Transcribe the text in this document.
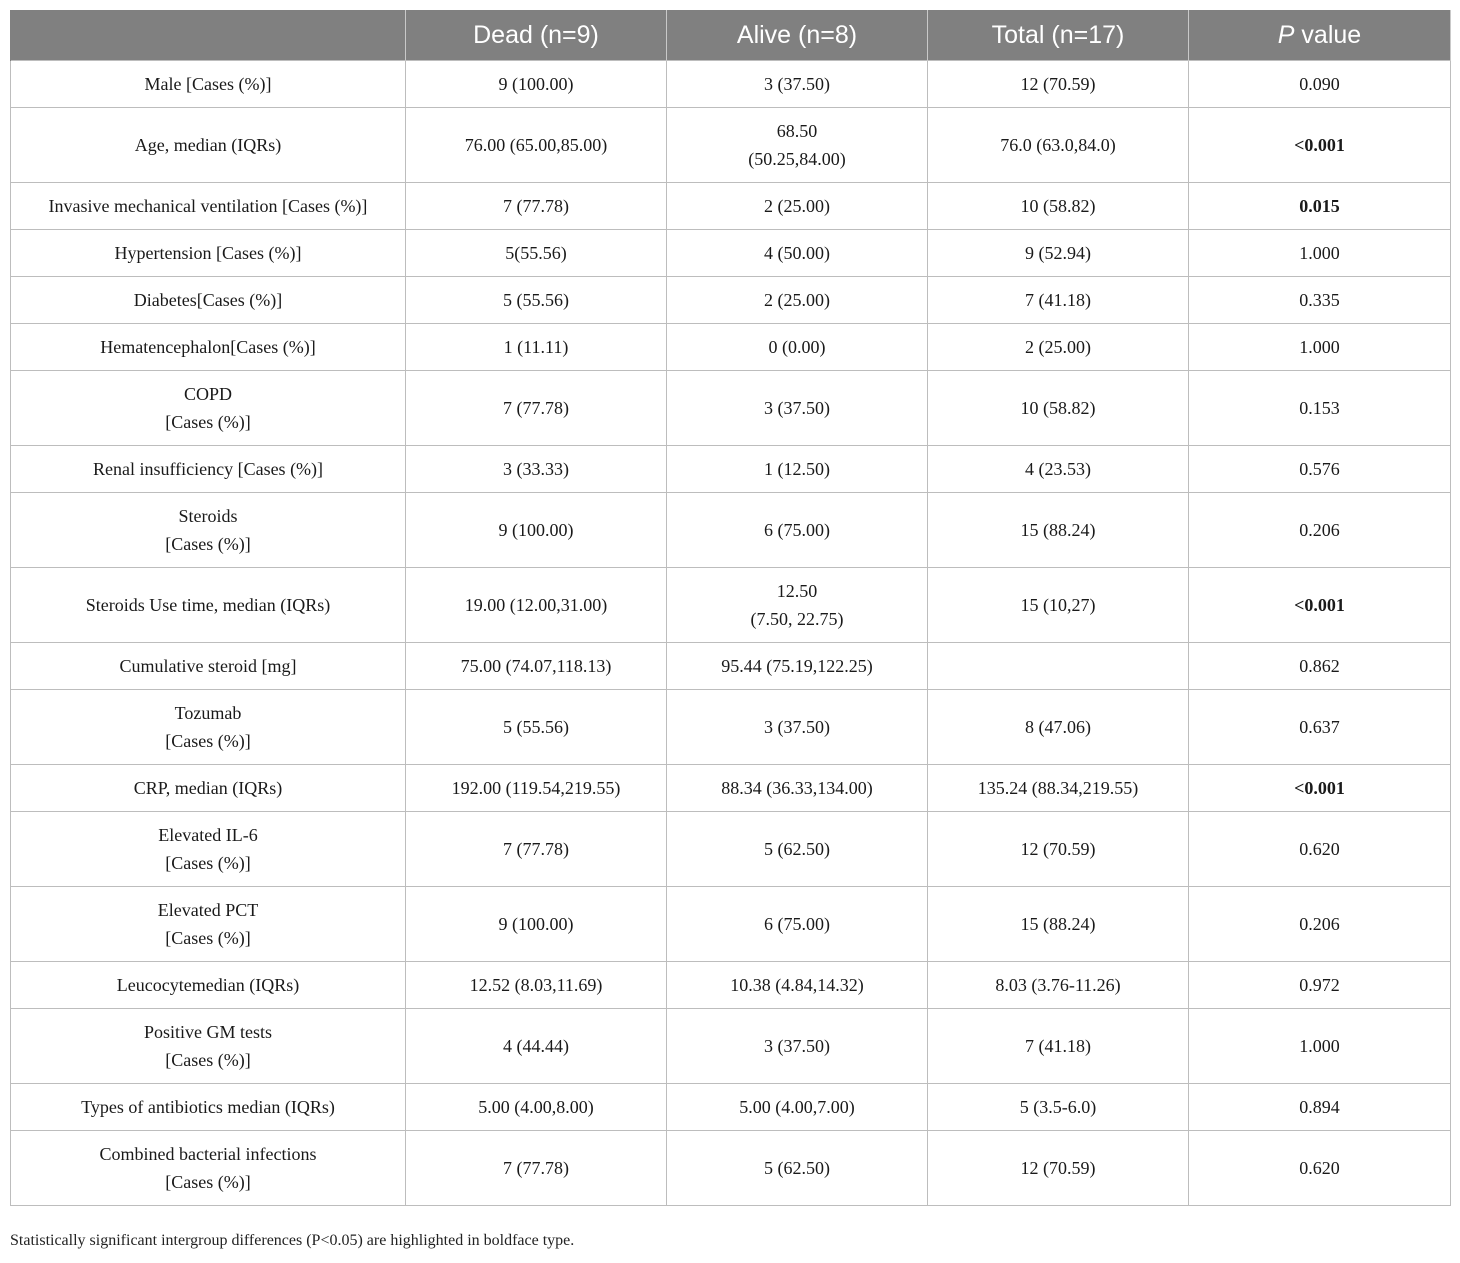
	Dead (n=9)	Alive (n=8)	Total (n=17)	P value

Male [Cases (%)]	9 (100.00)	3 (37.50)	12 (70.59)	0.090

Age, median (IQRs)	76.00 (65.00,85.00)	68.50
(50.25,84.00)	76.0 (63.0,84.0)	<0.001

Invasive mechanical ventilation [Cases (%)]	7 (77.78)	2 (25.00)	10 (58.82)	0.015

Hypertension [Cases (%)]	5(55.56)	4 (50.00)	9 (52.94)	1.000

Diabetes[Cases (%)]	5 (55.56)	2 (25.00)	7 (41.18)	0.335

Hematencephalon[Cases (%)]	1 (11.11)	0 (0.00)	2 (25.00)	1.000

COPD
[Cases (%)]	7 (77.78)	3 (37.50)	10 (58.82)	0.153

Renal insufficiency [Cases (%)]	3 (33.33)	1 (12.50)	4 (23.53)	0.576

Steroids
[Cases (%)]	9 (100.00)	6 (75.00)	15 (88.24)	0.206

Steroids Use time, median (IQRs)	19.00 (12.00,31.00)	12.50
(7.50, 22.75)	15 (10,27)	<0.001

Cumulative steroid [mg]	75.00 (74.07,118.13)	95.44 (75.19,122.25)		0.862

Tozumab
[Cases (%)]	5 (55.56)	3 (37.50)	8 (47.06)	0.637

CRP, median (IQRs)	192.00 (119.54,219.55)	88.34 (36.33,134.00)	135.24 (88.34,219.55)	<0.001

Elevated IL-6
[Cases (%)]	7 (77.78)	5 (62.50)	12 (70.59)	0.620

Elevated PCT
[Cases (%)]	9 (100.00)	6 (75.00)	15 (88.24)	0.206

Leucocytemedian (IQRs)	12.52 (8.03,11.69)	10.38 (4.84,14.32)	8.03 (3.76-11.26)	0.972

Positive GM tests
[Cases (%)]	4 (44.44)	3 (37.50)	7 (41.18)	1.000

Types of antibiotics median (IQRs)	5.00 (4.00,8.00)	5.00 (4.00,7.00)	5 (3.5-6.0)	0.894

Combined bacterial infections
[Cases (%)]	7 (77.78)	5 (62.50)	12 (70.59)	0.620
Statistically significant intergroup differences (P<0.05) are highlighted in boldface type.
